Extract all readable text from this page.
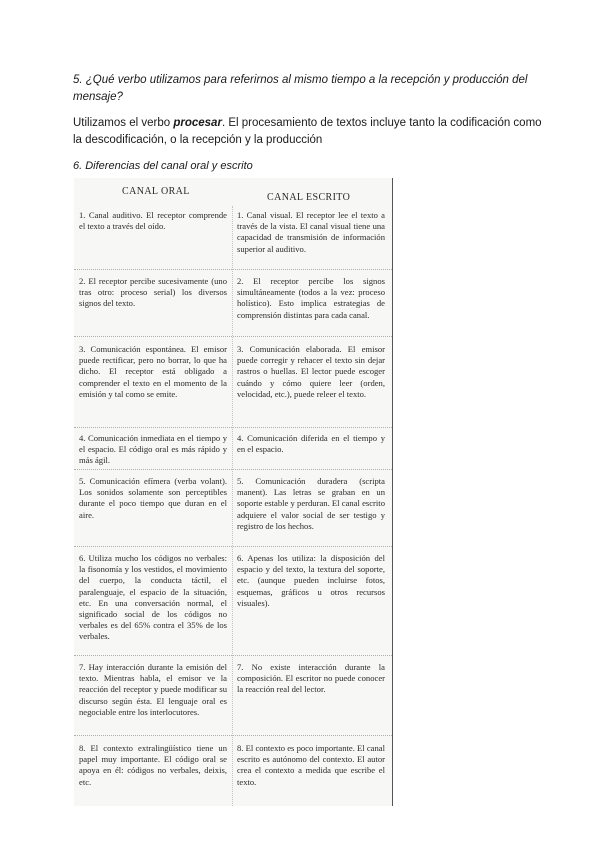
5. ¿Qué verbo utilizamos para referirnos al mismo tiempo a la recepción y producción del mensaje?
Utilizamos el verbo procesar. El procesamiento de textos incluye tanto la codificación como la descodificación, o la recepción y la producción
6. Diferencias del canal oral y escrito
CANAL ORAL
CANAL ESCRITO
1. Canal auditivo. El receptor comprende el texto a través del oído.
1. Canal visual. El receptor lee el texto a través de la vista. El canal visual tiene una capacidad de transmisión de información superior al auditivo.
2. El receptor percibe sucesivamente (uno tras otro: proceso serial) los diversos signos del texto.
2. El receptor percibe los signos simultáneamente (todos a la vez: proceso holístico). Esto implica estrategias de comprensión distintas para cada canal.
3. Comunicación espontánea. El emisor puede rectificar, pero no borrar, lo que ha dicho. El receptor está obligado a comprender el texto en el momento de la emisión y tal como se emite.
3. Comunicación elaborada. El emisor puede corregir y rehacer el texto sin dejar rastros o huellas. El lector puede escoger cuándo y cómo quiere leer (orden, velocidad, etc.), puede releer el texto.
4. Comunicación inmediata en el tiempo y el espacio. El código oral es más rápido y más ágil.
4. Comunicación diferida en el tiempo y en el espacio.
5. Comunicación efímera (verba volant). Los sonidos solamente son perceptibles durante el poco tiempo que duran en el aire.
5. Comunicación duradera (scripta manent). Las letras se graban en un soporte estable y perduran. El canal escrito adquiere el valor social de ser testigo y registro de los hechos.
6. Utiliza mucho los códigos no verbales: la fisonomía y los vestidos, el movimiento del cuerpo, la conducta táctil, el paralenguaje, el espacio de la situación, etc. En una conversación normal, el significado social de los códigos no verbales es del 65% contra el 35% de los verbales.
6. Apenas los utiliza: la disposición del espacio y del texto, la textura del soporte, etc. (aunque pueden incluirse fotos, esquemas, gráficos u otros recursos visuales).
7. Hay interacción durante la emisión del texto. Mientras habla, el emisor ve la reacción del receptor y puede modificar su discurso según ésta. El lenguaje oral es negociable entre los interlocutores.
7. No existe interacción durante la composición. El escritor no puede conocer la reacción real del lector.
8. El contexto extralingüístico tiene un papel muy importante. El código oral se apoya en él: códigos no verbales, deixis, etc.
8. El contexto es poco importante. El canal escrito es autónomo del contexto. El autor crea el contexto a medida que escribe el texto.
